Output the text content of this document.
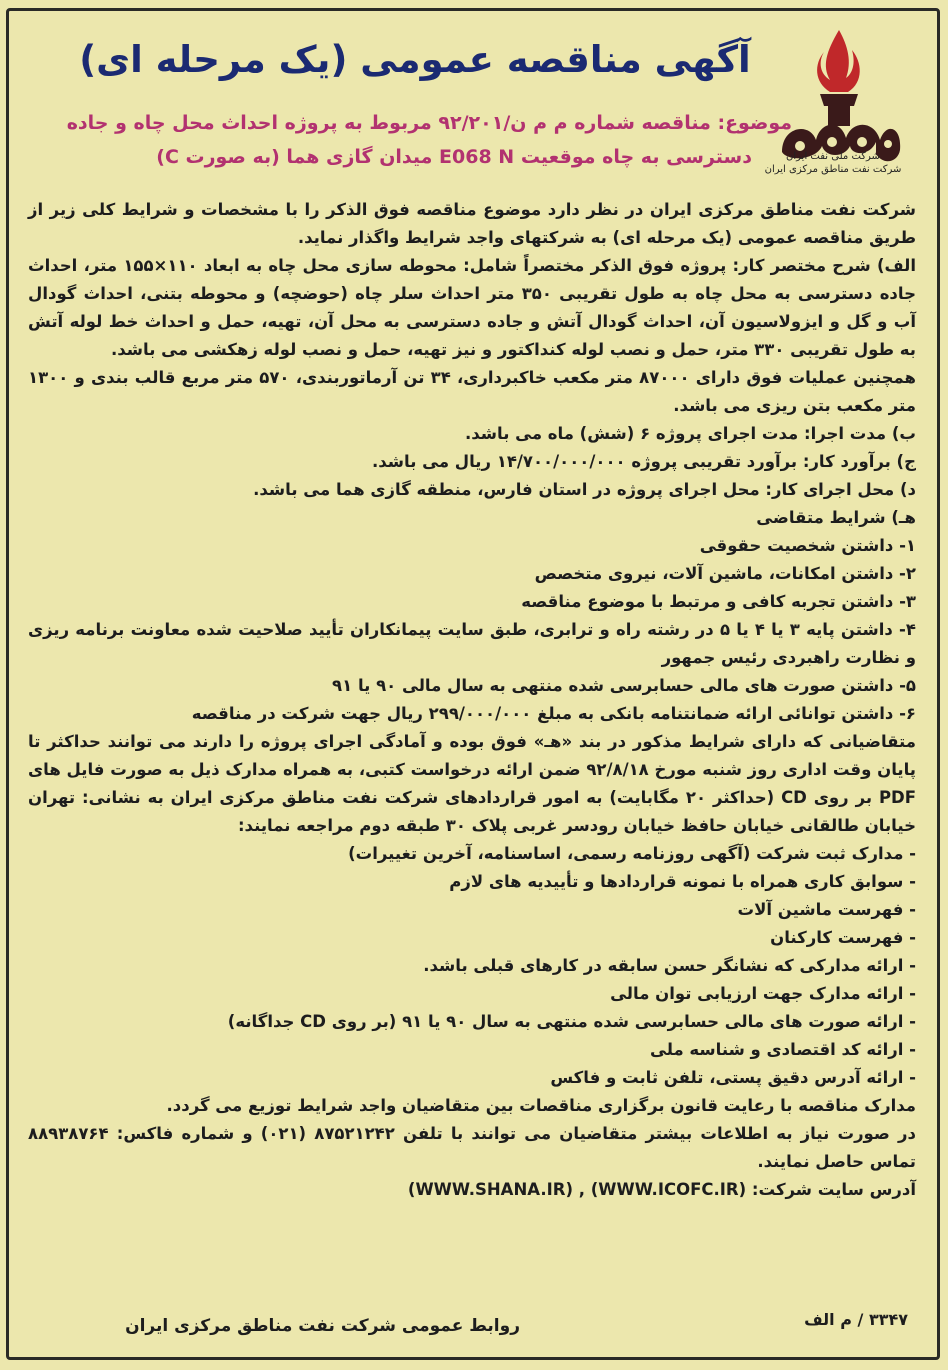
شرکت ملی نفت ایران
شرکت نفت مناطق مرکزی ایران
آگهی مناقصه عمومی (یک مرحله ای)
موضوع: مناقصه شماره م م ن/۹۲/۲۰۱ مربوط به پروژه احداث محل چاه و جاده
دسترسی به چاه موقعیت E068 N میدان گازی هما (به صورت C)

شرکت نفت مناطق مرکزی ایران در نظر دارد موضوع مناقصه فوق الذکر را با مشخصات و شرایط کلی زیر از طریق مناقصه عمومی (یک مرحله ای) به شرکتهای واجد شرایط واگذار نماید.

الف) شرح مختصر کار: پروژه فوق الذکر مختصراً شامل: محوطه سازی محل چاه به ابعاد ۱۱۰×۱۵۵ متر، احداث جاده دسترسی به محل چاه به طول تقریبی ۳۵۰ متر احداث سلر چاه (حوضچه) و محوطه بتنی، احداث گودال آب و گل و ایزولاسیون آن، احداث گودال آتش و جاده دسترسی به محل آن، تهیه، حمل و احداث خط لوله آتش به طول تقریبی ۳۳۰ متر، حمل و نصب لوله کنداکتور و نیز تهیه، حمل و نصب لوله زهکشی می باشد.

همچنین عملیات فوق دارای ۸۷۰۰۰ متر مکعب خاکبرداری، ۳۴ تن آرماتوربندی، ۵۷۰ متر مربع قالب بندی و ۱۳۰۰ متر مکعب بتن ریزی می باشد.

ب) مدت اجرا: مدت اجرای پروژه ۶ (شش) ماه می باشد.

ج) برآورد کار: برآورد تقریبی پروژه ۱۴/۷۰۰/۰۰۰/۰۰۰ ریال می باشد.

د) محل اجرای کار: محل اجرای پروژه در استان فارس، منطقه گازی هما می باشد.

هـ) شرایط متقاضی

۱- داشتن شخصیت حقوقی

۲- داشتن امکانات، ماشین آلات، نیروی متخصص

۳- داشتن تجربه کافی و مرتبط با موضوع مناقصه

۴- داشتن پایه ۳ یا ۴ یا ۵ در رشته راه و ترابری، طبق سایت پیمانکاران تأیید صلاحیت شده معاونت برنامه ریزی و نظارت راهبردی رئیس جمهور

۵- داشتن صورت های مالی حسابرسی شده منتهی به سال مالی ۹۰ یا ۹۱

۶- داشتن توانائی ارائه ضمانتنامه بانکی به مبلغ ۲۹۹/۰۰۰/۰۰۰ ریال جهت شرکت در مناقصه

متقاضیانی که دارای شرایط مذکور در بند «هـ» فوق بوده و آمادگی اجرای پروژه را دارند می توانند حداکثر تا پایان وقت اداری روز شنبه مورخ ۹۲/۸/۱۸ ضمن ارائه درخواست کتبی، به همراه مدارک ذیل به صورت فایل های PDF بر روی CD (حداکثر ۲۰ مگابایت) به امور قراردادهای شرکت نفت مناطق مرکزی ایران به نشانی: تهران خیابان طالقانی خیابان حافظ خیابان رودسر غربی پلاک ۳۰ طبقه دوم مراجعه نمایند:

- مدارک ثبت شرکت (آگهی روزنامه رسمی، اساسنامه، آخرین تغییرات)

- سوابق کاری همراه با نمونه قراردادها و تأییدیه های لازم

- فهرست ماشین آلات

- فهرست کارکنان

- ارائه مدارکی که نشانگر حسن سابقه در کارهای قبلی باشد.

- ارائه مدارک جهت ارزیابی توان مالی

- ارائه صورت های مالی حسابرسی شده منتهی به سال ۹۰ یا ۹۱ (بر روی CD جداگانه)

- ارائه کد اقتصادی و شناسه ملی

- ارائه آدرس دقیق پستی، تلفن ثابت و فاکس

مدارک مناقصه با رعایت قانون برگزاری مناقصات بین متقاضیان واجد شرایط توزیع می گردد.

در صورت نیاز به اطلاعات بیشتر متقاضیان می توانند با تلفن ۸۷۵۲۱۲۴۲ (۰۲۱) و شماره فاکس: ۸۸۹۳۸۷۶۴ تماس حاصل نمایند.

آدرس سایت شرکت: (WWW.ICOFC.IR) , (WWW.SHANA.IR)

۳۳۴۷ / م الف
روابط عمومی شرکت نفت مناطق مرکزی ایران
